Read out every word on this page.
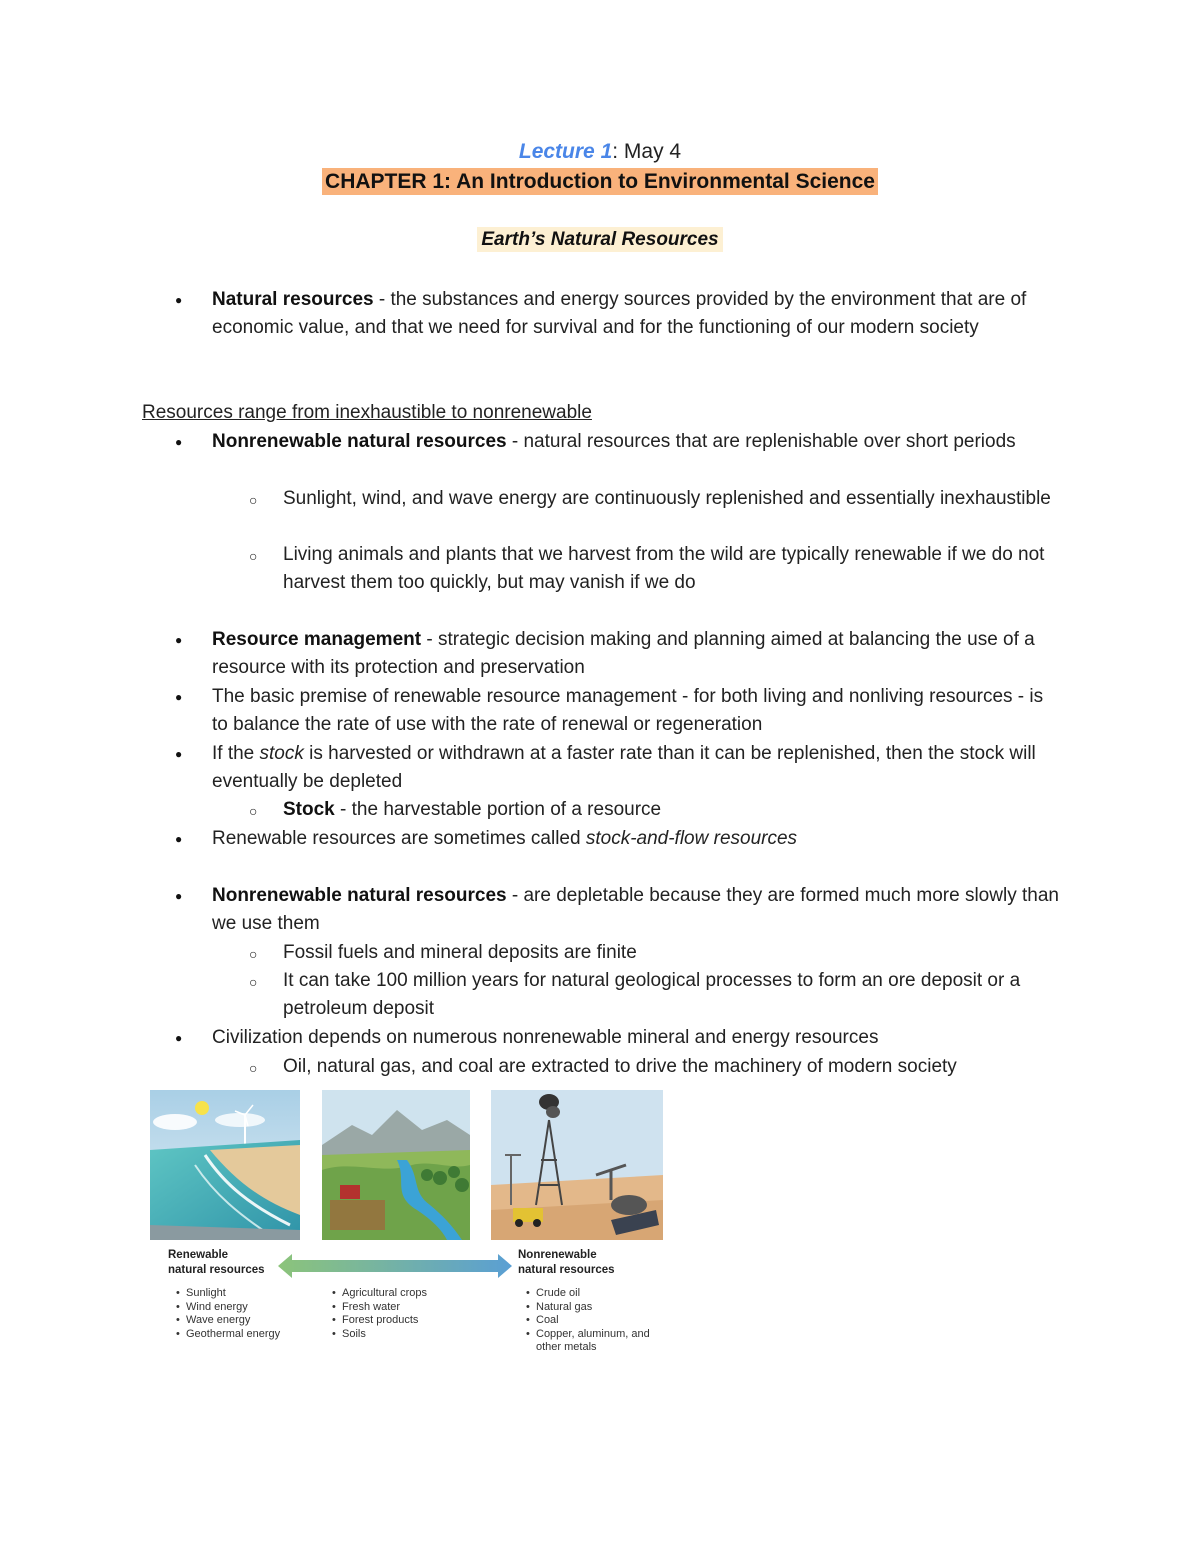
Lecture 1: May 4
CHAPTER 1: An Introduction to Environmental Science
Earth’s Natural Resources

● Natural resources - the substances and energy sources provided by the environment that are of economic value, and that we need for survival and for the functioning of our modern society

Resources range from inexhaustible to nonrenewable

● Nonrenewable natural resources - natural resources that are replenishable over short periods

○ Sunlight, wind, and wave energy are continuously replenished and essentially inexhaustible

○ Living animals and plants that we harvest from the wild are typically renewable if we do not harvest them too quickly, but may vanish if we do

● Resource management - strategic decision making and planning aimed at balancing the use of a resource with its protection and preservation

● The basic premise of renewable resource management - for both living and nonliving resources - is to balance the rate of use with the rate of renewal or regeneration

● If the stock is harvested or withdrawn at a faster rate than it can be replenished, then the stock will eventually be depleted

○ Stock - the harvestable portion of a resource

● Renewable resources are sometimes called stock-and-flow resources

● Nonrenewable natural resources - are depletable because they are formed much more slowly than we use them

○ Fossil fuels and mineral deposits are finite

○ It can take 100 million years for natural geological processes to form an ore deposit or a petroleum deposit

● Civilization depends on numerous nonrenewable mineral and energy resources

○ Oil, natural gas, and coal are extracted to drive the machinery of modern society

Renewable
natural resources
Nonrenewable
natural resources
• Sunlight
• Wind energy
• Wave energy
• Geothermal energy
• Agricultural crops
• Fresh water
• Forest products
• Soils
• Crude oil
• Natural gas
• Coal
• Copper, aluminum, and
other metals
